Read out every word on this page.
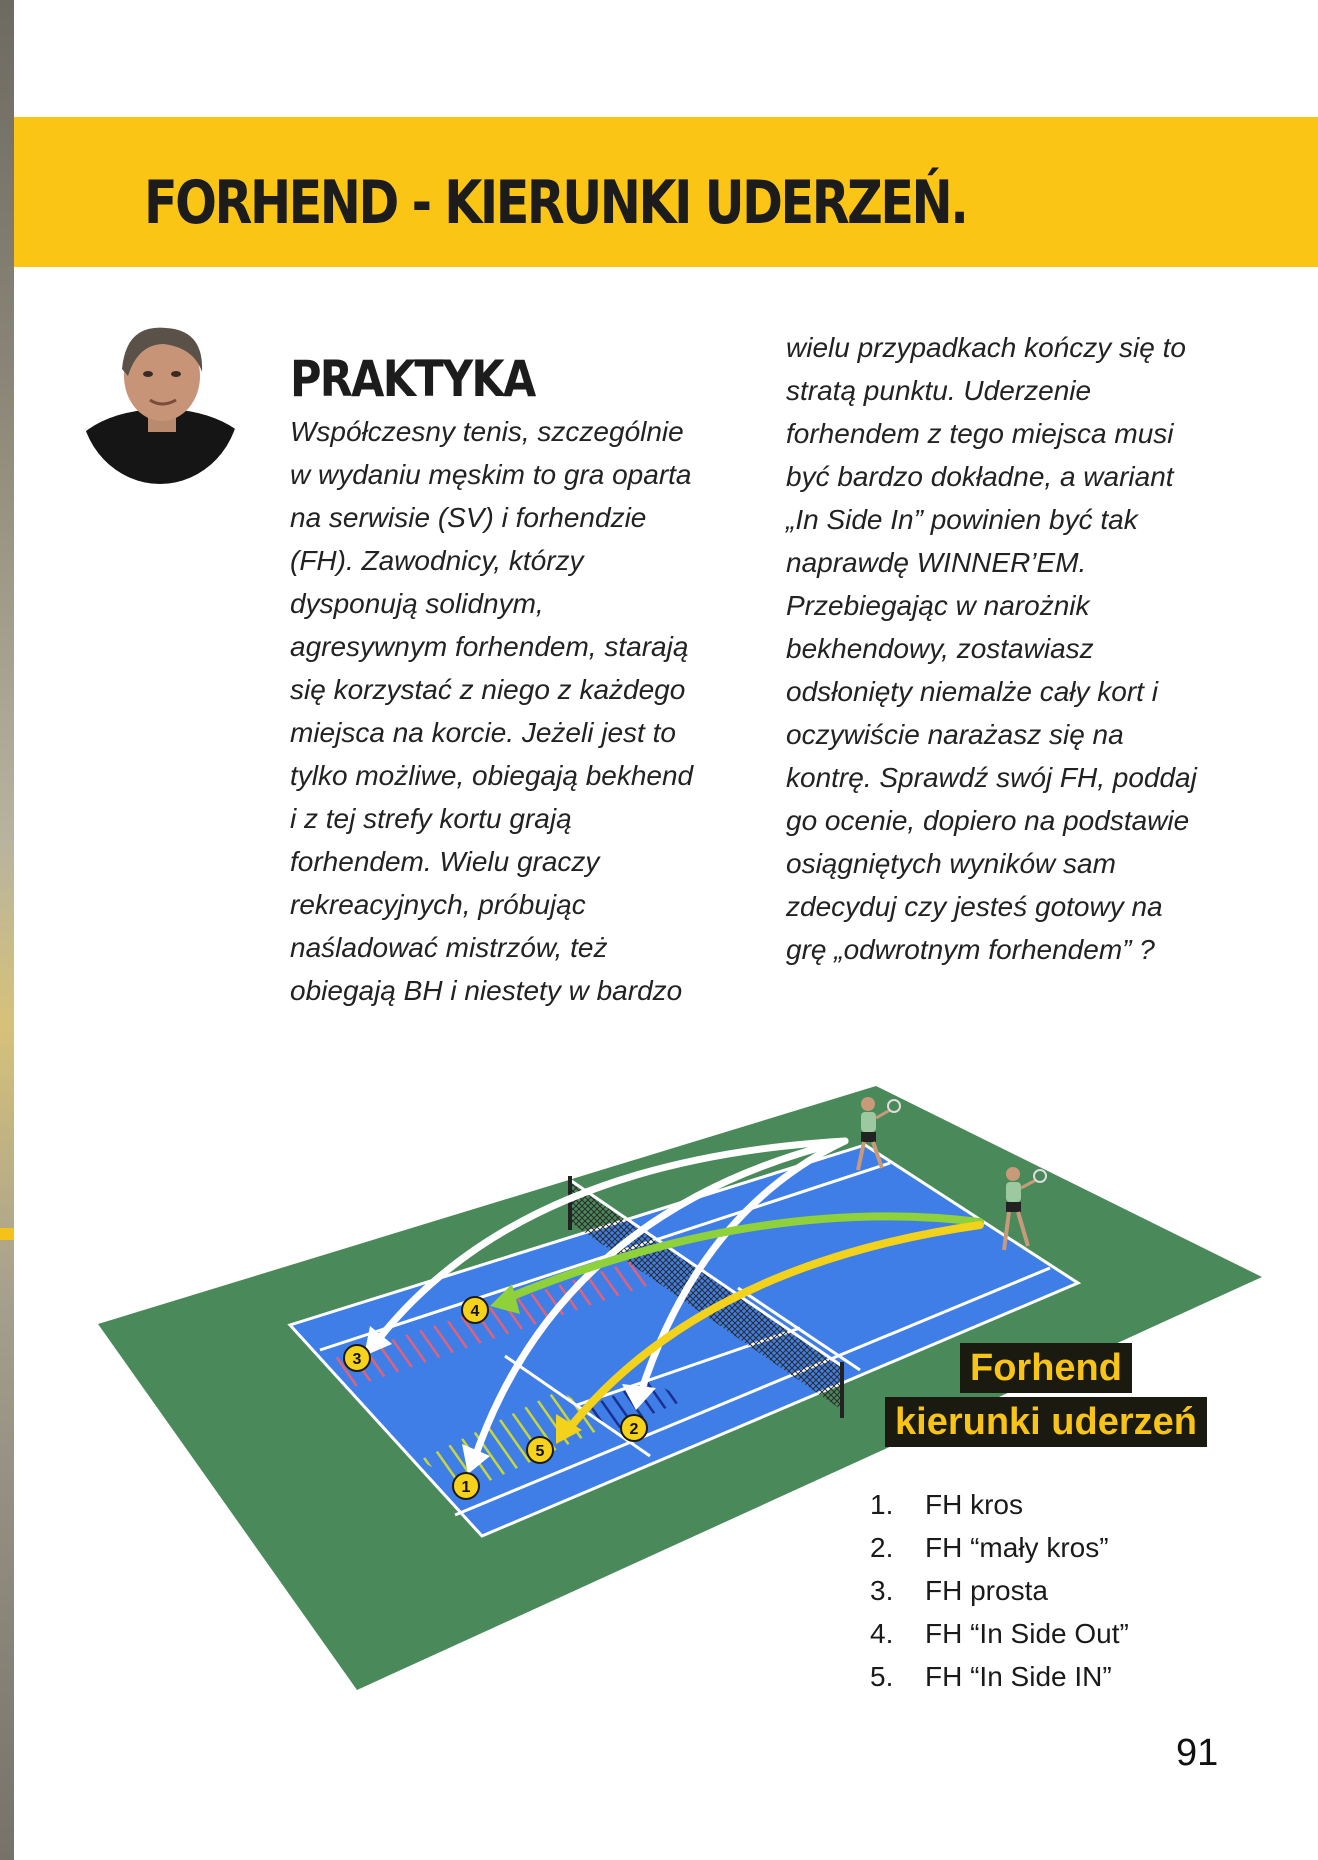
FORHEND - KIERUNKI UDERZEŃ.
PRAKTYKA
Współczesny tenis, szczególnie
w wydaniu męskim to gra oparta
na serwisie (SV) i forhendzie
(FH). Zawodnicy, którzy
dysponują solidnym,
agresywnym forhendem, starają
się korzystać z niego z każdego
miejsca na korcie. Jeżeli jest to
tylko możliwe, obiegają bekhend
i z tej strefy kortu grają
forhendem. Wielu graczy
rekreacyjnych, próbując
naśladować mistrzów, też
obiegają BH i niestety w bardzo
wielu przypadkach kończy się to
stratą punktu. Uderzenie
forhendem z tego miejsca musi
być bardzo dokładne, a wariant
„In Side In” powinien być tak
naprawdę WINNER’EM.
Przebiegając w narożnik
bekhendowy, zostawiasz
odsłonięty niemalże cały kort i
oczywiście narażasz się na
kontrę. Sprawdź swój FH, poddaj
go ocenie, dopiero na podstawie
osiągniętych wyników sam
zdecyduj czy jesteś gotowy na
grę „odwrotnym forhendem” ?
1
2
3
4
5
Forhend
kierunki uderzeń
1. FH kros
2. FH “mały kros”
3. FH prosta
4. FH “In Side Out”
5. FH “In Side IN”
91
